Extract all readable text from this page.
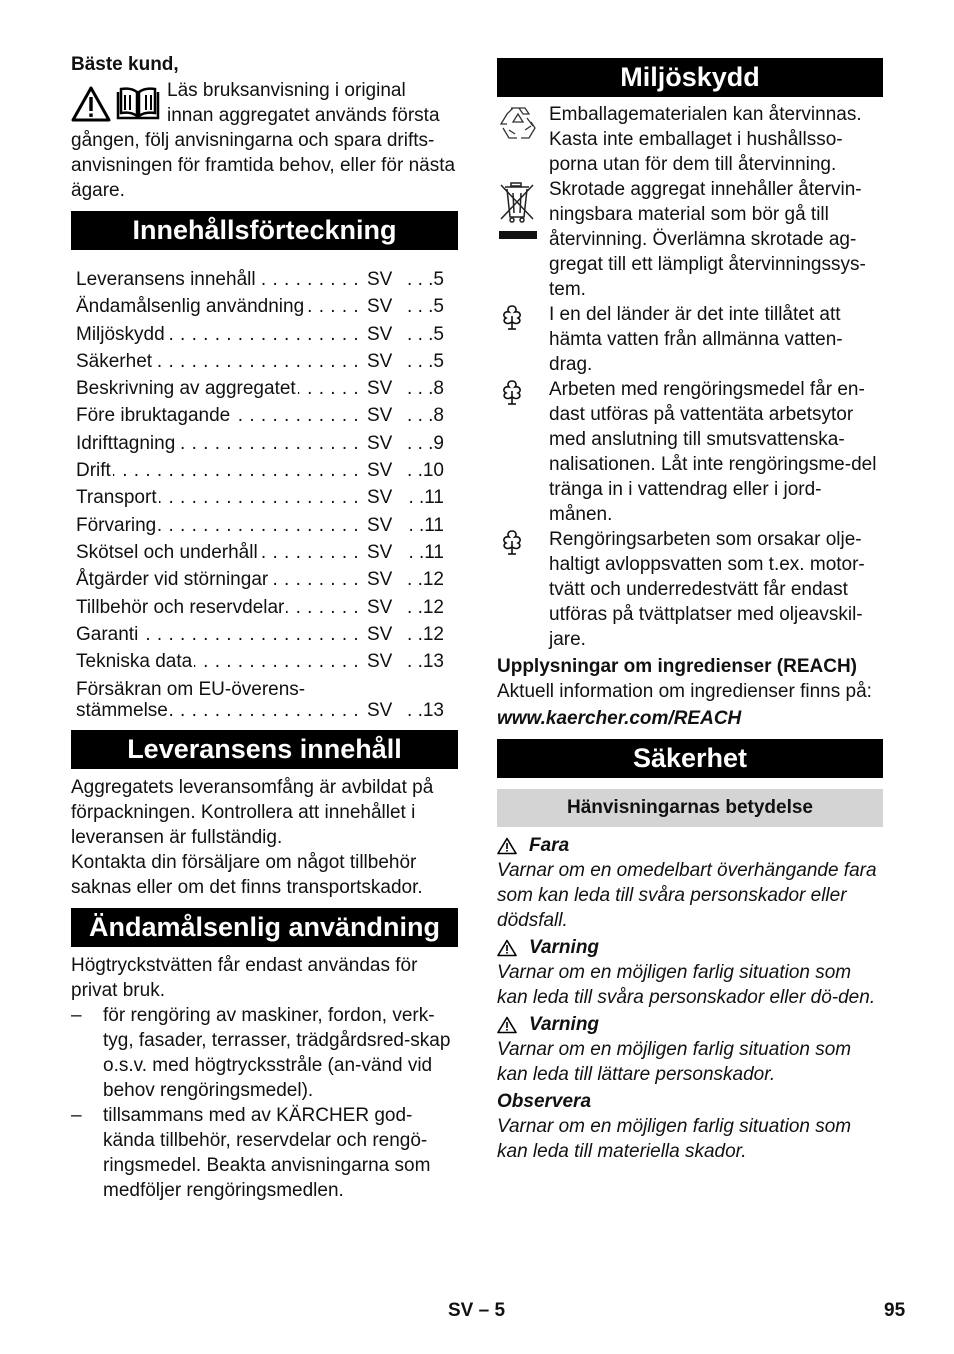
Bäste kund,

Läs bruksanvisning i original

innan aggregatet används första

gången, följ anvisningarna och spara drifts-anvisningen för framtida behov, eller för nästa ägare.

Innehållsförteckning
Leveransens innehåll . . .	SV . . .5
Ändamålsenlig användning . . .	SV . . .5
Miljöskydd . . .	SV . . .5
Säkerhet . . .	SV . . .5
Beskrivning av aggregatet . . .	SV . . .8
Före ibruktagande . . .	SV . . .8
Idrifttagning . . .	SV . . .9
Drift . . .	SV . .10
Transport . . .	SV . .11
Förvaring . . .	SV . .11
Skötsel och underhåll . . .	SV . .11
Åtgärder vid störningar . . .	SV . .12
Tillbehör och reservdelar . . .	SV . .12
Garanti . . .	SV . .12
Tekniska data . . .	SV . .13
Försäkran om EU-överens-
stämmelse . . .	SV . .13
Leveransens innehåll

Aggregatets leveransomfång är avbildat på förpackningen. Kontrollera att innehållet i leveransen är fullständig.

Kontakta din försäljare om något tillbehör saknas eller om det finns transportskador.

Ändamålsenlig användning

Högtryckstvätten får endast användas för privat bruk.

–	för rengöring av maskiner, fordon, verk-tyg, fasader, terrasser, trädgårdsred-skap o.s.v. med högtrycksstråle (an-vänd vid behov rengöringsmedel).
–	tillsammans med av KÄRCHER god-kända tillbehör, reservdelar och rengö-ringsmedel. Beakta anvisningarna som medföljer rengöringsmedlen.
Miljöskydd

Emballagematerialen kan återvinnas. Kasta inte emballaget i hushållsso-porna utan för dem till återvinning.

Skrotade aggregat innehåller återvin-ningsbara material som bör gå till återvinning. Överlämna skrotade ag-gregat till ett lämpligt återvinningssys-tem.

I en del länder är det inte tillåtet att hämta vatten från allmänna vatten-drag.

Arbeten med rengöringsmedel får en-dast utföras på vattentäta arbetsytor med anslutning till smutsvattenska-nalisationen. Låt inte rengöringsme-del tränga in i vattendrag eller i jord-månen.

Rengöringsarbeten som orsakar olje-haltigt avloppsvatten som t.ex. motor-tvätt och underredestvätt får endast utföras på tvättplatser med oljeavskil-jare.

Upplysningar om ingredienser (REACH)

Aktuell information om ingredienser finns på:

www.kaercher.com/REACH

Säkerhet
Hänvisningarnas betydelse
Fara

Varnar om en omedelbart överhängande fara som kan leda till svåra personskador eller dödsfall.

Varning

Varnar om en möjligen farlig situation som kan leda till svåra personskador eller dö-den.

Varning

Varnar om en möjligen farlig situation som kan leda till lättare personskador.

Observera

Varnar om en möjligen farlig situation som kan leda till materiella skador.

SV – 5	95
